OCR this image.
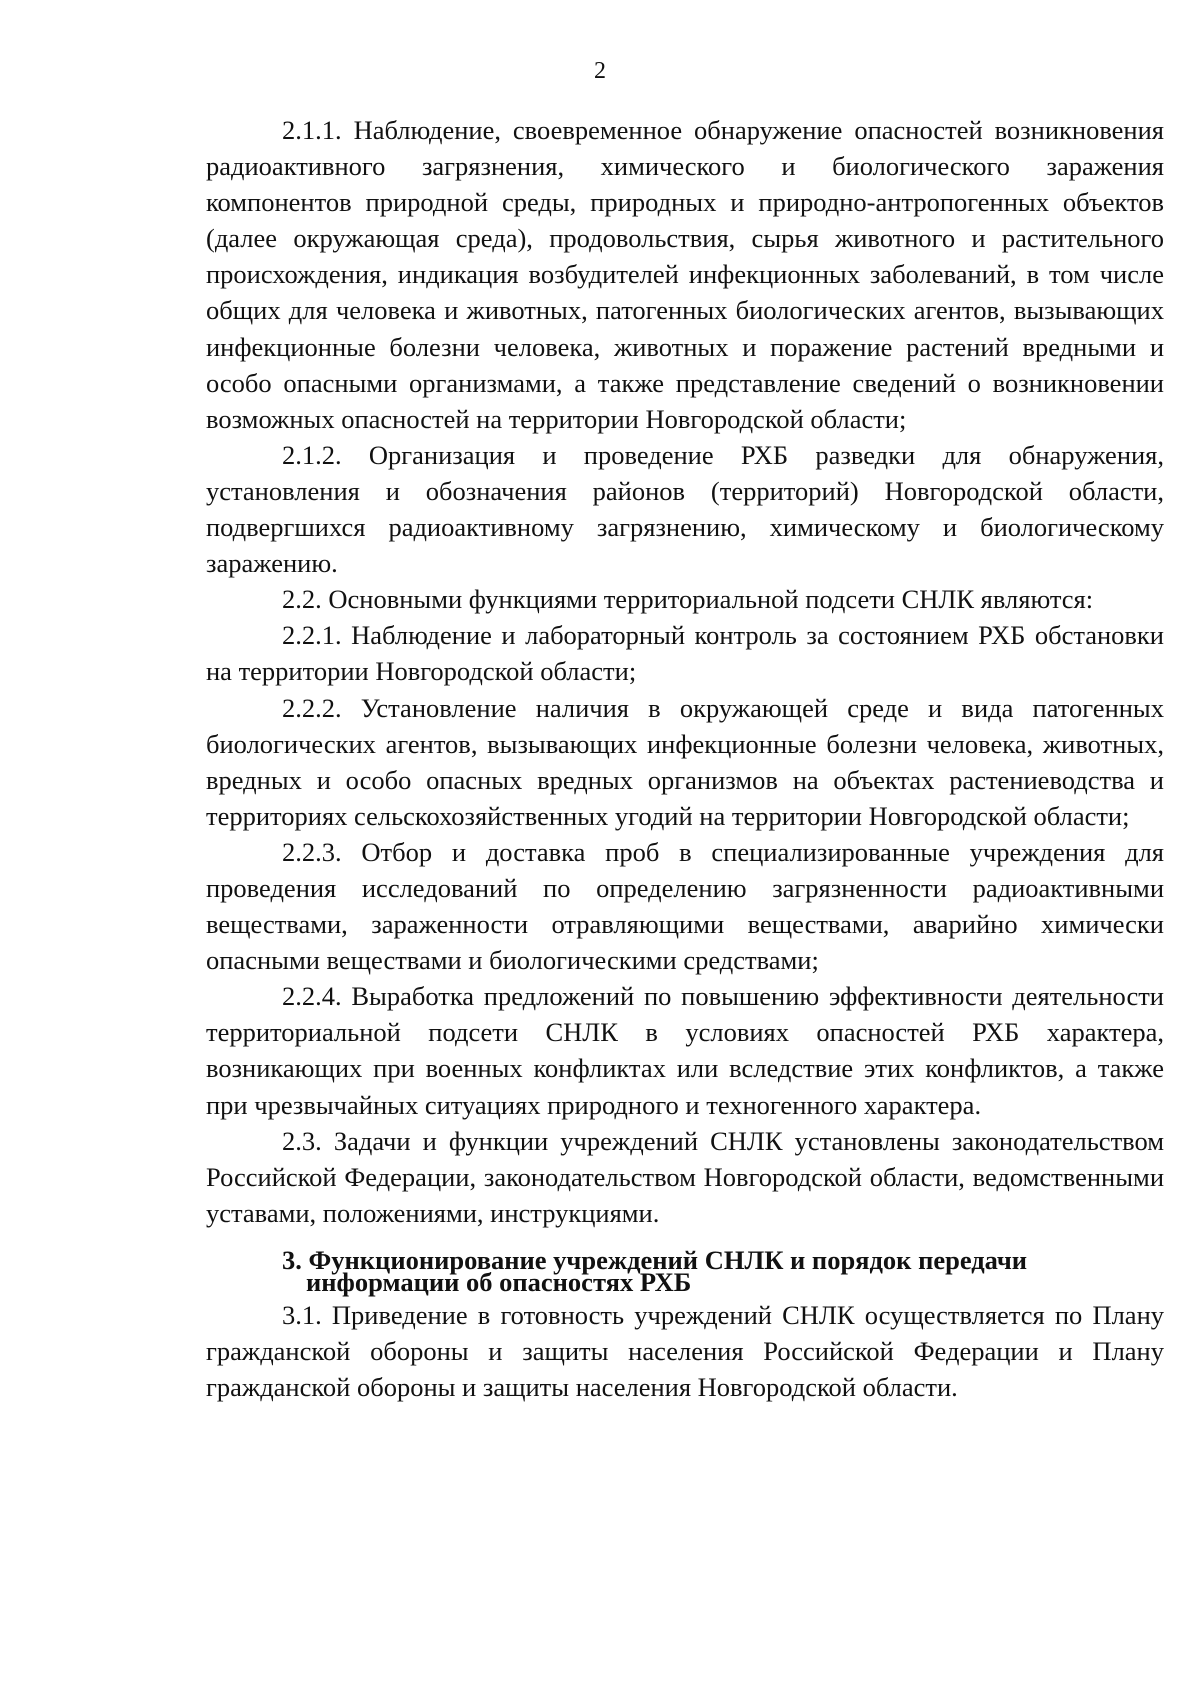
2

2.1.1. Наблюдение, своевременное обнаружение опасностей возникновения радиоактивного загрязнения, химического и биологического заражения компонентов природной среды, природных и природно-антропогенных объектов (далее окружающая среда), продовольствия, сырья животного и растительного происхождения, индикация возбудителей инфекционных заболеваний, в том числе общих для человека и животных, патогенных биологических агентов, вызывающих инфекционные болезни человека, животных и поражение растений вредными и особо опасными организмами, а также представление сведений о возникновении возможных опасностей на территории Новгородской области;

2.1.2. Организация и проведение РХБ разведки для обнаружения, установления и обозначения районов (территорий) Новгородской области, подвергшихся радиоактивному загрязнению, химическому и биологическому заражению.

2.2. Основными функциями территориальной подсети СНЛК являются:

2.2.1. Наблюдение и лабораторный контроль за состоянием РХБ обстановки на территории Новгородской области;

2.2.2. Установление наличия в окружающей среде и вида патогенных биологических агентов, вызывающих инфекционные болезни человека, животных, вредных и особо опасных вредных организмов на объектах растениеводства и территориях сельскохозяйственных угодий на территории Новгородской области;

2.2.3. Отбор и доставка проб в специализированные учреждения для проведения исследований по определению загрязненности радиоактивными веществами, зараженности отравляющими веществами, аварийно химически опасными веществами и биологическими средствами;

2.2.4. Выработка предложений по повышению эффективности деятельности территориальной подсети СНЛК в условиях опасностей РХБ характера, возникающих при военных конфликтах или вследствие этих конфликтов, а также при чрезвычайных ситуациях природного и техногенного характера.

2.3. Задачи и функции учреждений СНЛК установлены законодательством Российской Федерации, законодательством Новгородской области, ведомственными уставами, положениями, инструкциями.

3. Функционирование учреждений СНЛК и порядок передачи
информации об опасностях РХБ

3.1. Приведение в готовность учреждений СНЛК осуществляется по Плану гражданской обороны и защиты населения Российской Федерации и Плану гражданской обороны и защиты населения Новгородской области.
